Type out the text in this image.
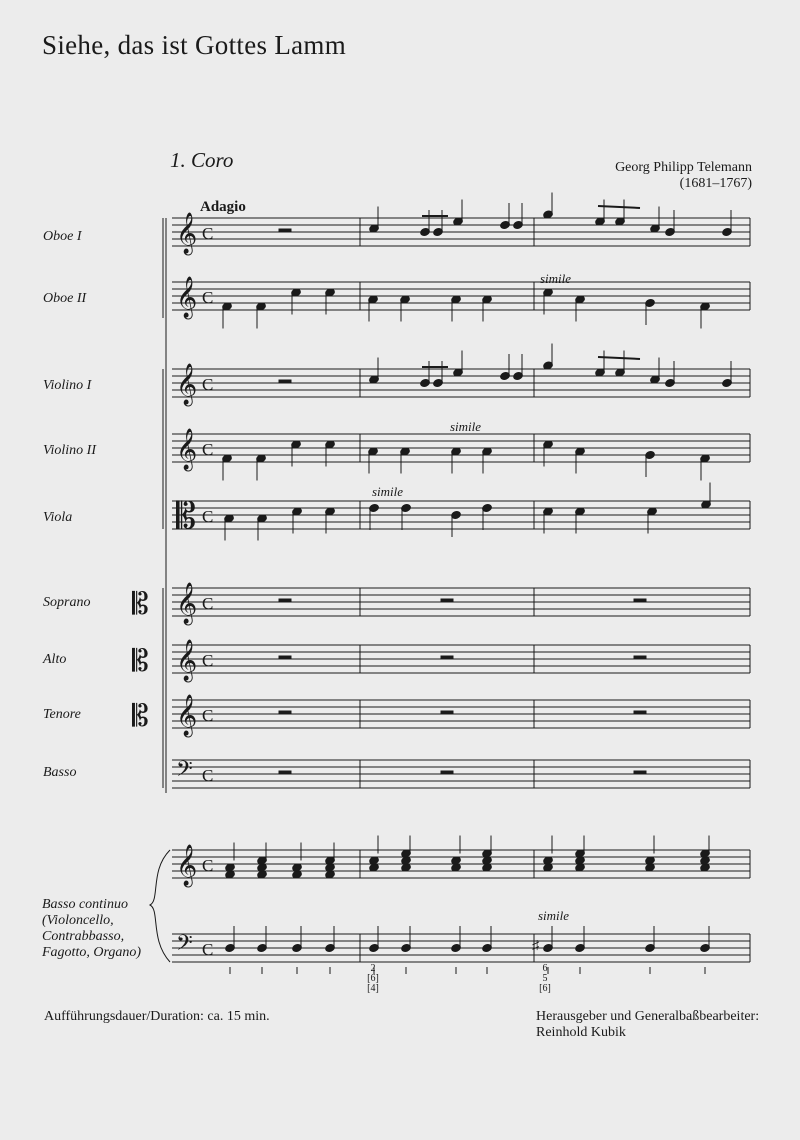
Siehe, das ist Gottes Lamm
1. Coro	Georg Philipp Telemann
(1681–1767)
Adagio
Oboe I
Oboe II
Violino I
Violino II
Viola
Soprano
Alto
Tenore
Basso
Basso continuo
(Violoncello,
Contrabbasso,
Fagotto, Organo)
simile
simile
simile
simile
𝄞 C
𝄞 C
𝄞 C
𝄞 C
𝄡 C
𝄞 C
𝄞 C
𝄞 C
𝄢 C
𝄞 C
𝄢 C
𝄡
𝄡
𝄡
♯
2
[6]
[4]
6
5
[6]
Aufführungsdauer/Duration: ca. 15 min.	Herausgeber und Generalbaßbearbeiter:
Reinhold Kubik
